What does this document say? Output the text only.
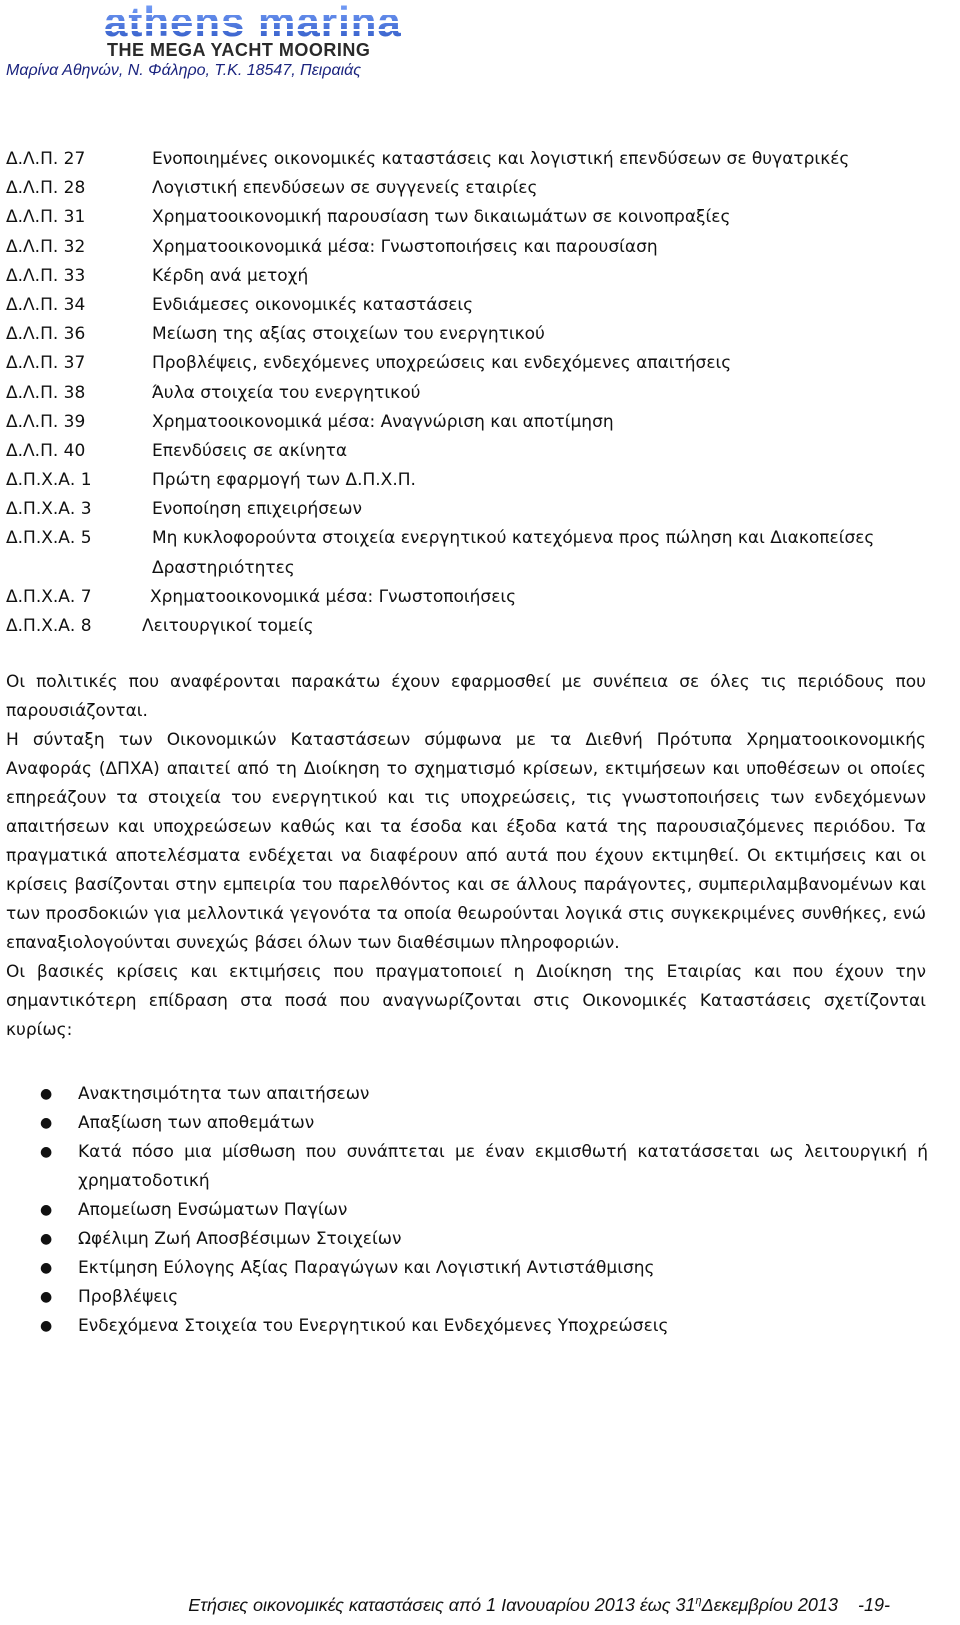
athens marina
THE MEGA YACHT MOORING
Μαρίνα Αθηνών, Ν. Φάληρο, Τ.Κ. 18547, Πειραιάς
Δ.Λ.Π. 27	Ενοποιημένες οικονομικές καταστάσεις και λογιστική επενδύσεων σε θυγατρικές
Δ.Λ.Π. 28	Λογιστική επενδύσεων σε συγγενείς εταιρίες
Δ.Λ.Π. 31	Χρηματοοικονομική παρουσίαση των δικαιωμάτων σε κοινοπραξίες
Δ.Λ.Π. 32	Χρηματοοικονομικά μέσα: Γνωστοποιήσεις και παρουσίαση
Δ.Λ.Π. 33	Κέρδη ανά μετοχή
Δ.Λ.Π. 34	Ενδιάμεσες οικονομικές καταστάσεις
Δ.Λ.Π. 36	Μείωση της αξίας στοιχείων του ενεργητικού
Δ.Λ.Π. 37	Προβλέψεις, ενδεχόμενες υποχρεώσεις και ενδεχόμενες απαιτήσεις
Δ.Λ.Π. 38	Άυλα στοιχεία του ενεργητικού
Δ.Λ.Π. 39	Χρηματοοικονομικά μέσα: Αναγνώριση και αποτίμηση
Δ.Λ.Π. 40	Επενδύσεις σε ακίνητα
Δ.Π.Χ.Α. 1	Πρώτη εφαρμογή των Δ.Π.Χ.Π.
Δ.Π.Χ.Α. 3	Ενοποίηση επιχειρήσεων
Δ.Π.Χ.Α. 5	Μη κυκλοφορούντα στοιχεία ενεργητικού κατεχόμενα προς πώληση και Διακοπείσες Δραστηριότητες
Δ.Π.Χ.Α. 7	Χρηματοοικονομικά μέσα: Γνωστοποιήσεις
Δ.Π.Χ.Α. 8	Λειτουργικοί τομείς

Οι πολιτικές που αναφέρονται παρακάτω έχουν εφαρμοσθεί με συνέπεια σε όλες τις περιόδους που παρουσιάζονται.

Η σύνταξη των Οικονομικών Καταστάσεων σύμφωνα με τα Διεθνή Πρότυπα Χρηματοοικονομικής Αναφοράς (ΔΠΧΑ) απαιτεί από τη Διοίκηση το σχηματισμό κρίσεων, εκτιμήσεων και υποθέσεων οι οποίες επηρεάζουν τα στοιχεία του ενεργητικού και τις υποχρεώσεις, τις γνωστοποιήσεις των ενδεχόμενων απαιτήσεων και υποχρεώσεων καθώς και τα έσοδα και έξοδα κατά της παρουσιαζόμενες περιόδου. Τα πραγματικά αποτελέσματα ενδέχεται να διαφέρουν από αυτά που έχουν εκτιμηθεί. Οι εκτιμήσεις και οι κρίσεις βασίζονται στην εμπειρία του παρελθόντος και σε άλλους παράγοντες, συμπεριλαμβανομένων και των προσδοκιών για μελλοντικά γεγονότα τα οποία θεωρούνται λογικά στις συγκεκριμένες συνθήκες, ενώ επαναξιολογούνται συνεχώς βάσει όλων των διαθέσιμων πληροφοριών.

Οι βασικές κρίσεις και εκτιμήσεις που πραγματοποιεί η Διοίκηση της Εταιρίας και που έχουν την σημαντικότερη επίδραση στα ποσά που αναγνωρίζονται στις Οικονομικές Καταστάσεις σχετίζονται κυρίως:

● Ανακτησιμότητα των απαιτήσεων
● Απαξίωση των αποθεμάτων
● Κατά πόσο μια μίσθωση που συνάπτεται με έναν εκμισθωτή κατατάσσεται ως λειτουργική ή χρηματοδοτική
● Απομείωση Ενσώματων Παγίων
● Ωφέλιμη Ζωή Αποσβέσιμων Στοιχείων
● Εκτίμηση Εύλογης Αξίας Παραγώγων και Λογιστική Αντιστάθμισης
● Προβλέψεις
● Ενδεχόμενα Στοιχεία του Ενεργητικού και Ενδεχόμενες Υποχρεώσεις
Ετήσιες οικονομικές καταστάσεις από 1 Ιανουαρίου 2013 έως $31^\eta\Delta\varepsilon\kappa\varepsilon\mu\beta\rho ίo\upsilon$ 2013 -19-
